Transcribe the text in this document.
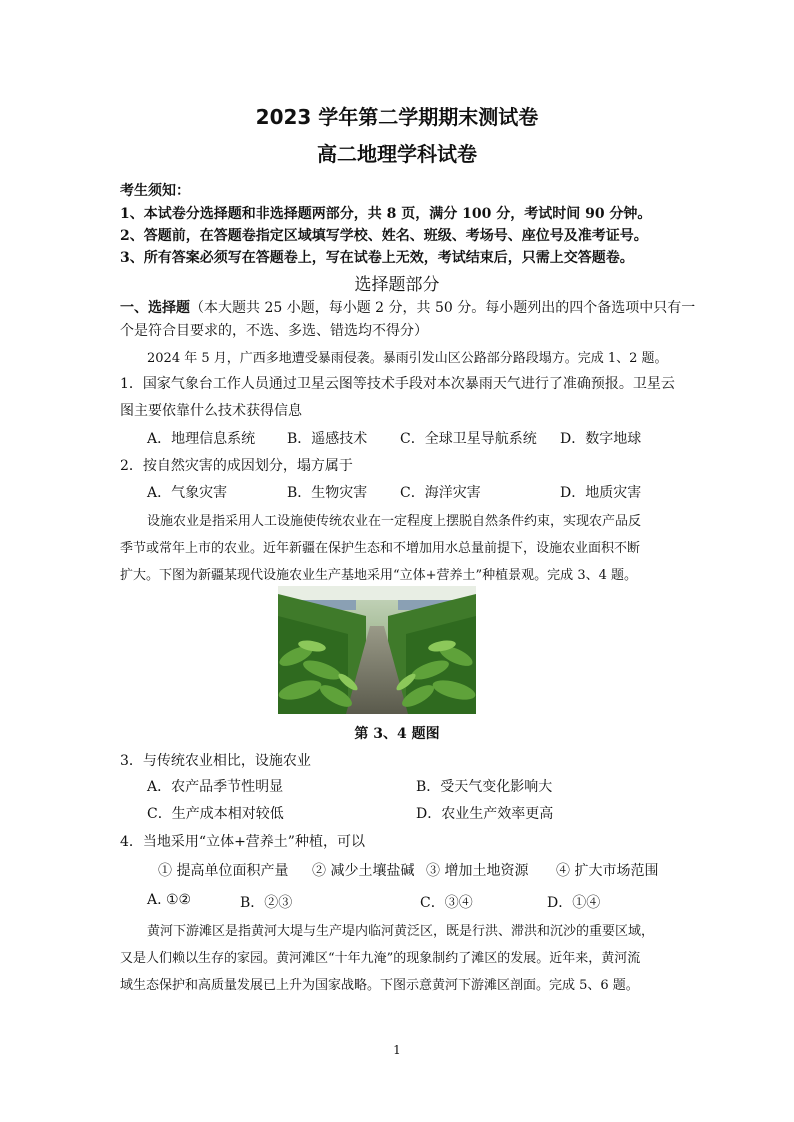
2023 学年第二学期期末测试卷
高二地理学科试卷
考生须知：
1、本试卷分选择题和非选择题两部分，共 8 页，满分 100 分，考试时间 90 分钟。
2、答题前，在答题卷指定区域填写学校、姓名、班级、考场号、座位号及准考证号。
3、所有答案必须写在答题卷上，写在试卷上无效，考试结束后，只需上交答题卷。
选择题部分
一、选择题（本大题共 25 小题，每小题 2 分，共 50 分。每小题列出的四个备选项中只有一
个是符合目要求的，不选、多选、错选均不得分）
2024 年 5 月，广西多地遭受暴雨侵袭。暴雨引发山区公路部分路段塌方。完成 1、2 题。
1．国家气象台工作人员通过卫星云图等技术手段对本次暴雨天气进行了准确预报。卫星云
图主要依靠什么技术获得信息
A．地理信息系统 B．遥感技术 C．全球卫星导航系统 D．数字地球
2．按自然灾害的成因划分，塌方属于
A．气象灾害	B．生物灾害 C．海洋灾害	D．地质灾害
设施农业是指采用人工设施使传统农业在一定程度上摆脱自然条件约束，实现农产品反
季节或常年上市的农业。近年新疆在保护生态和不增加用水总量前提下，设施农业面积不断
扩大。下图为新疆某现代设施农业生产基地采用“立体+营养土”种植景观。完成 3、4 题。
第 3、4 题图
3．与传统农业相比，设施农业
A．农产品季节性明显	B．受天气变化影响大
C．生产成本相对较低	D．农业生产效率更高
4．当地采用“立体+营养土”种植，可以
① 提高单位面积产量 ② 减少土壤盐碱 ③ 增加土地资源 ④ 扩大市场范围
A. ①②	B．②③	C．③④	D．①④
黄河下游滩区是指黄河大堤与生产堤内临河黄泛区，既是行洪、滞洪和沉沙的重要区域，
又是人们赖以生存的家园。黄河滩区“十年九淹”的现象制约了滩区的发展。近年来，黄河流
域生态保护和高质量发展已上升为国家战略。下图示意黄河下游滩区剖面。完成 5、6 题。
1
